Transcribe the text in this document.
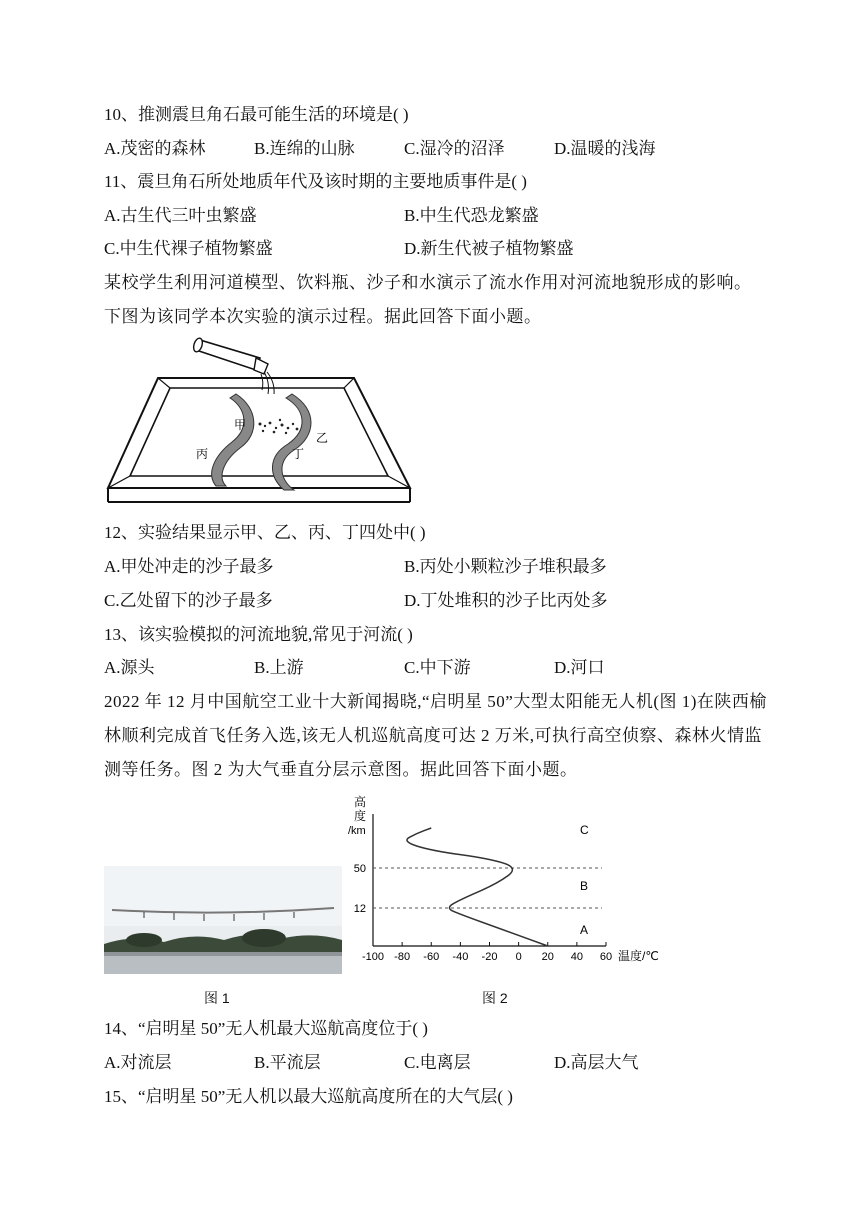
10、推测震旦角石最可能生活的环境是( )
A.茂密的森林	B.连绵的山脉	C.湿冷的沼泽	D.温暖的浅海
11、震旦角石所处地质年代及该时期的主要地质事件是( )
A.古生代三叶虫繁盛	B.中生代恐龙繁盛
C.中生代裸子植物繁盛	D.新生代被子植物繁盛
某校学生利用河道模型、饮料瓶、沙子和水演示了流水作用对河流地貌形成的影响。
下图为该同学本次实验的演示过程。据此回答下面小题。
甲
乙
丙	丁
12、实验结果显示甲、乙、丙、丁四处中( )
A.甲处冲走的沙子最多	B.丙处小颗粒沙子堆积最多
C.乙处留下的沙子最多	D.丁处堆积的沙子比丙处多
13、该实验模拟的河流地貌,常见于河流( )
A.源头	B.上游	C.中下游	D.河口
2022 年 12 月中国航空工业十大新闻揭晓,“启明星 50”大型太阳能无人机(图 1)在陕西榆
林顺利完成首飞任务入选,该无人机巡航高度可达 2 万米,可执行高空侦察、森林火情监
测等任务。图 2 为大气垂直分层示意图。据此回答下面小题。
图 1
高
度
/km
12
50
-100 -80 -60 -40 -20 0 20 40 60
A
B
C
温度/℃
图 2
14、“启明星 50”无人机最大巡航高度位于( )
A.对流层	B.平流层	C.电离层	D.高层大气
15、“启明星 50”无人机以最大巡航高度所在的大气层( )
